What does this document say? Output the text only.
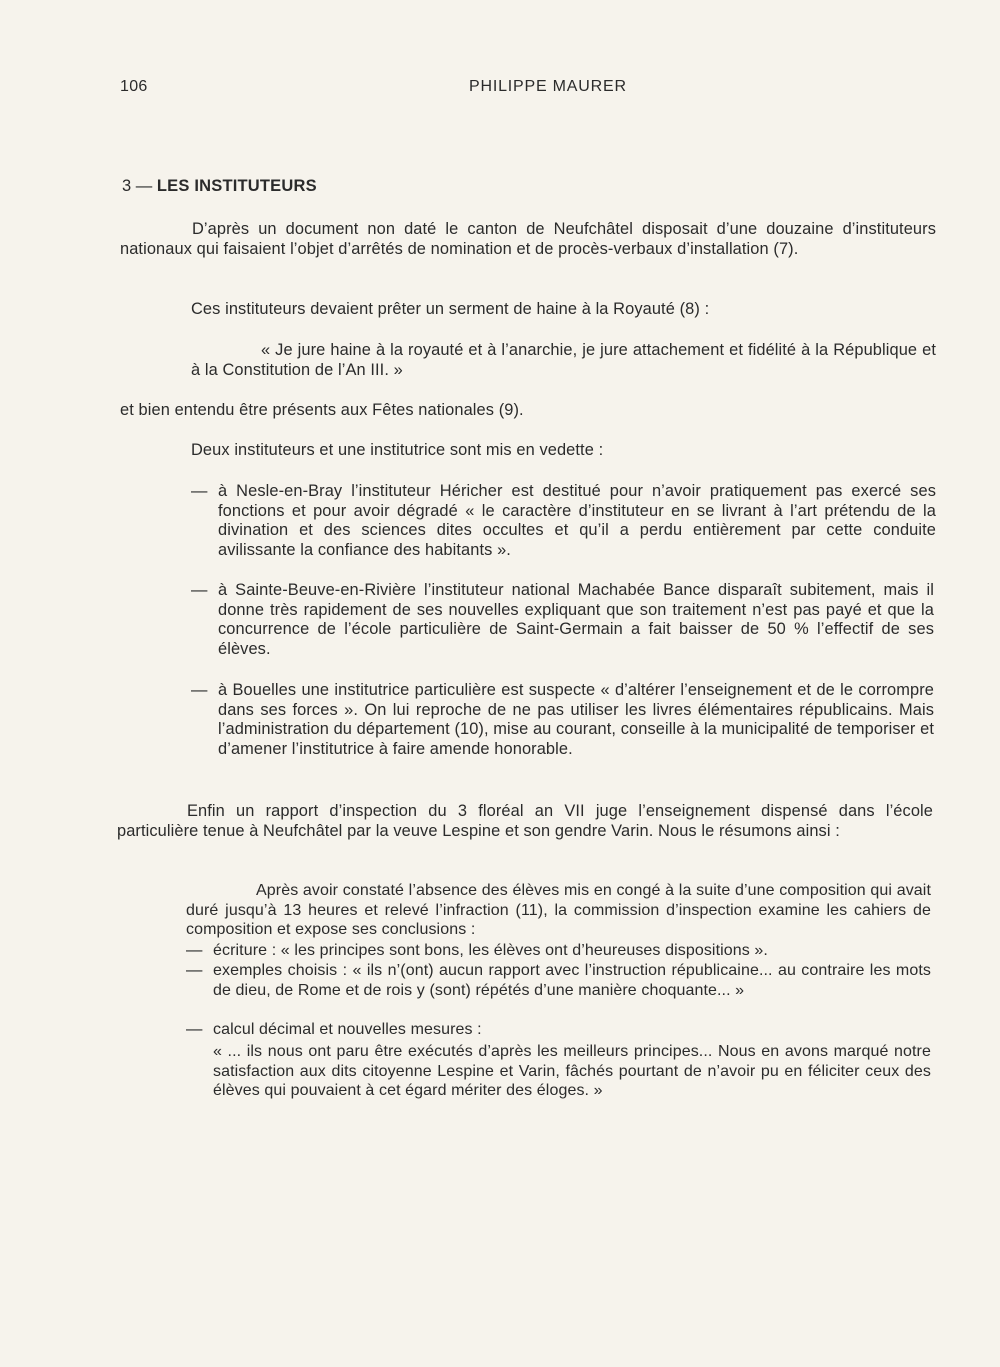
106	PHILIPPE MAURER
3 — LES INSTITUTEURS

D’après un document non daté le canton de Neufchâtel disposait d’une douzaine d’instituteurs nationaux qui faisaient l’objet d’arrêtés de nomination et de procès-verbaux d’installation (7).

Ces instituteurs devaient prêter un serment de haine à la Royauté (8) :

« Je jure haine à la royauté et à l’anarchie, je jure attachement et fidélité à la République et à la Constitution de l’An III. »

et bien entendu être présents aux Fêtes nationales (9).

Deux instituteurs et une institutrice sont mis en vedette :

— à Nesle-en-Bray l’instituteur Héricher est destitué pour n’avoir pratiquement pas exercé ses fonctions et pour avoir dégradé « le caractère d’instituteur en se livrant à l’art prétendu de la divination et des sciences dites occultes et qu’il a perdu entièrement par cette conduite avilissante la confiance des habitants ».

— à Sainte-Beuve-en-Rivière l’instituteur national Machabée Bance disparaît subitement, mais il donne très rapidement de ses nouvelles expliquant que son traitement n’est pas payé et que la concurrence de l’école particulière de Saint-Germain a fait baisser de 50 % l’effectif de ses élèves.

— à Bouelles une institutrice particulière est suspecte « d’altérer l’enseignement et de le corrompre dans ses forces ». On lui reproche de ne pas utiliser les livres élémentaires républicains. Mais l’administration du département (10), mise au courant, conseille à la municipalité de temporiser et d’amener l’institutrice à faire amende honorable.

Enfin un rapport d’inspection du 3 floréal an VII juge l’enseignement dispensé dans l’école particulière tenue à Neufchâtel par la veuve Lespine et son gendre Varin. Nous le résumons ainsi :

Après avoir constaté l’absence des élèves mis en congé à la suite d’une composition qui avait duré jusqu’à 13 heures et relevé l’infraction (11), la commission d’inspection examine les cahiers de composition et expose ses conclusions :

— écriture : « les principes sont bons, les élèves ont d’heureuses dispositions ».

— exemples choisis : « ils n’(ont) aucun rapport avec l’instruction républicaine... au contraire les mots de dieu, de Rome et de rois y (sont) répétés d’une manière choquante... »

— calcul décimal et nouvelles mesures :

« ... ils nous ont paru être exécutés d’après les meilleurs principes... Nous en avons marqué notre satisfaction aux dits citoyenne Lespine et Varin, fâchés pourtant de n’avoir pu en féliciter ceux des élèves qui pouvaient à cet égard mériter des éloges. »
